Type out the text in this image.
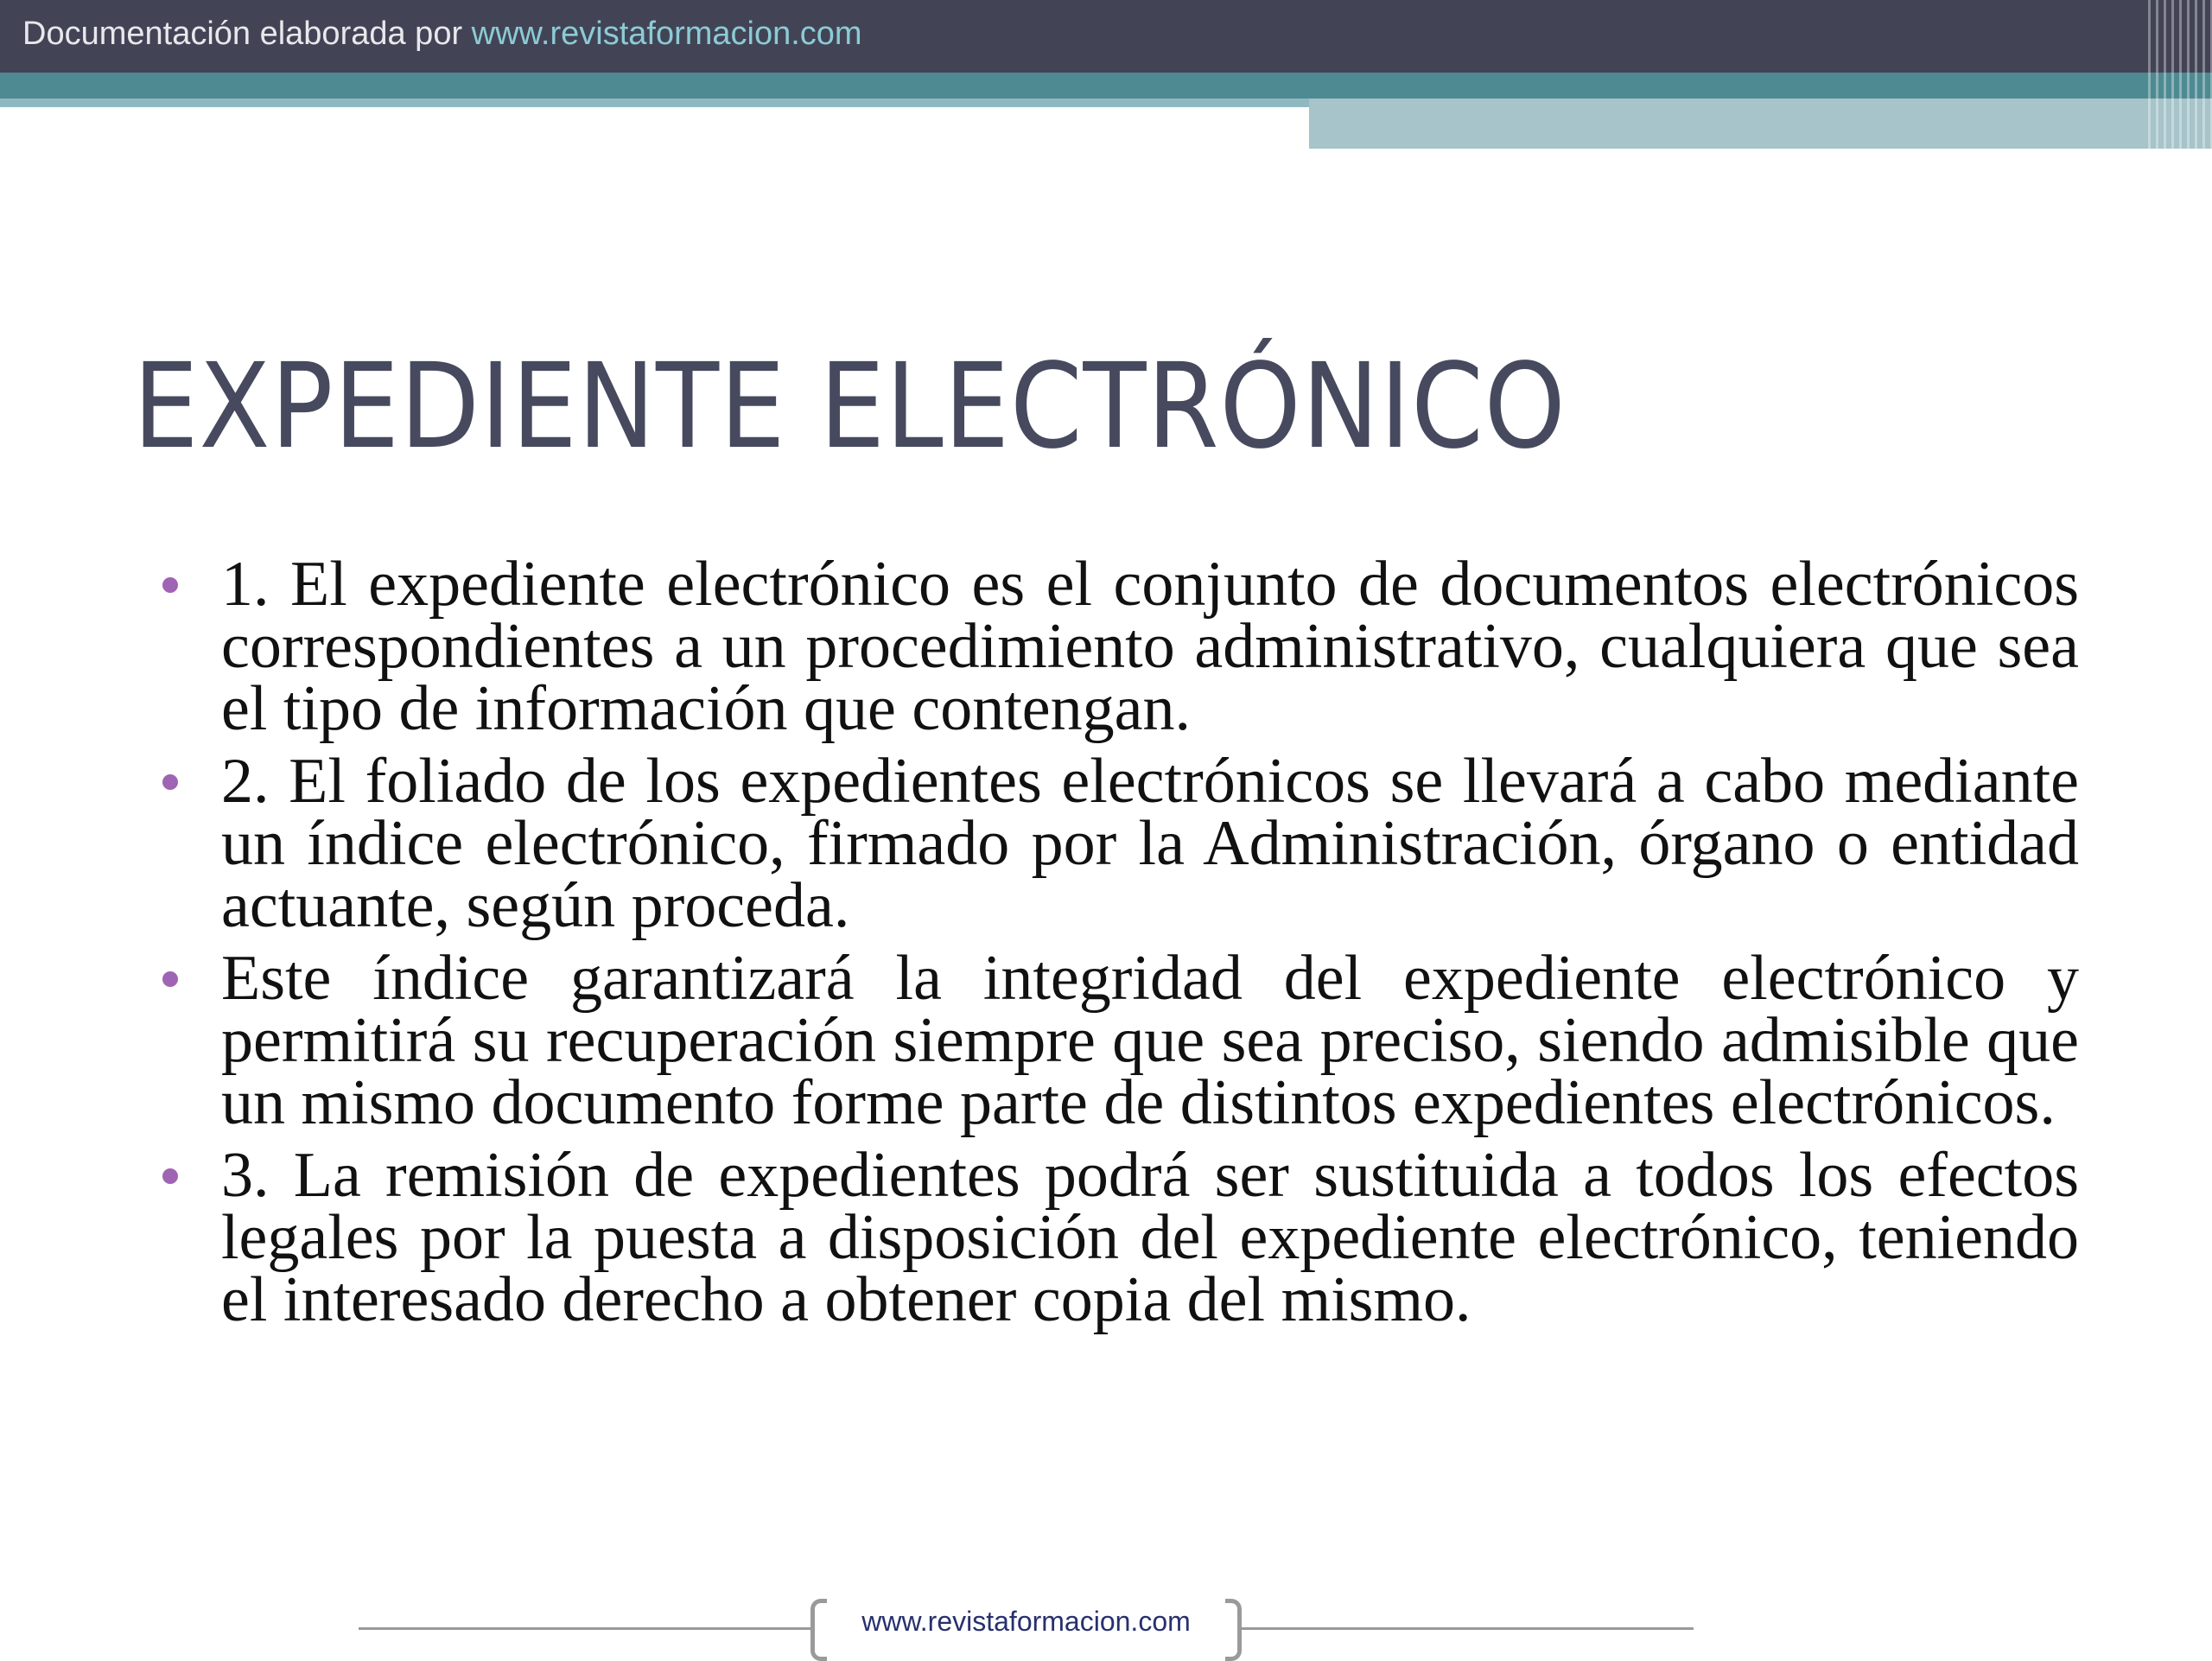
Documentación elaborada por www.revistaformacion.com
EXPEDIENTE ELECTRÓNICO
1. El expediente electrónico es el conjunto de documentos electrónicos correspondientes a un procedimiento administrativo, cualquiera que sea el tipo de información que contengan.
2. El foliado de los expedientes electrónicos se llevará a cabo mediante un índice electrónico, firmado por la Administración, órgano o entidad actuante, según proceda.
Este índice garantizará la integridad del expediente electrónico y permitirá su recuperación siempre que sea preciso, siendo admisible que un mismo documento forme parte de distintos expedientes electrónicos.
3. La remisión de expedientes podrá ser sustituida a todos los efectos legales por la puesta a disposición del expediente electrónico, teniendo el interesado derecho a obtener copia del mismo.
www.revistaformacion.com
